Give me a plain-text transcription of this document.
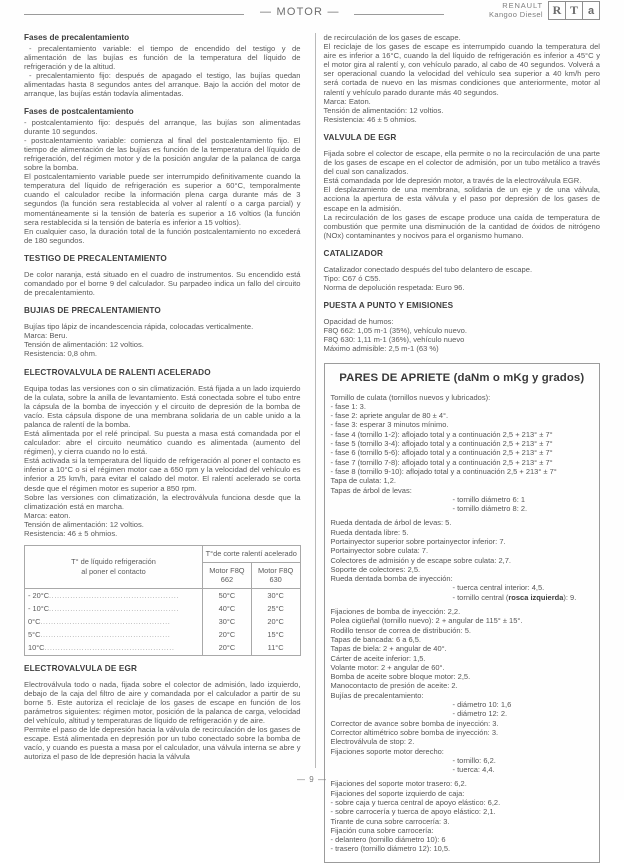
— MOTOR —
RENAULT
Kangoo Diesel R T a
Fases de precalentamiento

- precalentamiento variable: el tiempo de encendido del testigo y de alimentación de las bujías es función de la temperatura del líquido de refrigeración y de la altitud.

- precalentamiento fijo: después de apagado el testigo, las bujías quedan alimentadas hasta 8 segundos antes del arranque. Bajo la acción del motor de arranque, las bujías están todavía alimentadas.

Fases de postcalentamiento

- postcalentamiento fijo: después del arranque, las bujías son alimentadas durante 10 segundos.

- postcalentamiento variable: comienza al final del postcalentamiento fijo. El tiempo de alimentación de las bujías es función de la temperatura del líquido de refrigeración, del régimen motor y de la posición angular de la palanca de carga sobre la bomba.

El postcalentamiento variable puede ser interrumpido definitivamente cuando la temperatura del líquido de refrigeración es superior a 60°C, temporalmente cuando el calculador recibe la información plena carga durante más de 3 segundos (la función sera restablecida al volver al ralentí o a carga parcial) y momentáneamente si la tensión de batería es superior a 16 voltios (la función sera restablecida si la tensión de batería es inferior a 15 voltios).

En cualquier caso, la duración total de la función postcalentamiento no excederá de 180 segundos.

TESTIGO DE PRECALENTAMIENTO

De color naranja, está situado en el cuadro de instrumentos. Su encendido está comandado por el borne 9 del calculador. Su parpadeo indica un fallo del circuito de precalentamiento.

BUJIAS DE PRECALENTAMIENTO

Bujías tipo lápiz de incandescencia rápida, colocadas verticalmente.

Marca: Beru.

Tensión de alimentación: 12 voltios.

Resistencia: 0,8 ohm.

ELECTROVALVULA DE RALENTI ACELERADO

Equipa todas las versiones con o sin climatización. Está fijada a un lado izquierdo de la culata, sobre la anilla de levantamiento. Está conectada sobre el tubo entre la cápsula de la bomba de inyección y el circuito de depresión de la bomba de vacío. Esta cápsula dispone de una membrana solidaria de un cable unido a la palanca de ralentí de la bomba.

Está alimentada por el relé principal. Su puesta a masa está comandada por el calculador: abre el circuito neumático cuando es alimentada (aumento del régimen), y cierra cuando no lo está.

Está activada si la temperatura del líquido de refrigeración al poner el contacto es inferior a 10°C o si el régimen motor cae a 650 rpm y la velocidad del vehículo es inferior a 25 km/h, para evitar el calado del motor. El ralentí acelerado se corta desde que el régimen motor es superior a 850 rpm.

Sobre las versiones con climatización, la electroválvula funciona desde que la climatización está en marcha.

Marca: eaton.

Tensión de alimentación: 12 voltios.

Resistencia: 46 ± 5 ohmios.

T° de líquido refrigeración
al poner el contacto	T°de corte ralentí acelerado	
	Motor F8Q 662	Motor F8Q 630
- 20°C.................................................	50°C	30°C
- 10°C.................................................	40°C	25°C
0°C.................................................	30°C	20°C
5°C.................................................	20°C	15°C
10°C.................................................	20°C	11°C
ELECTROVALVULA DE EGR

Electroválvula todo o nada, fijada sobre el colector de admisión, lado izquierdo, debajo de la caja del filtro de aire y comandada por el calculador a partir de su borne 5. Este autoriza el reciclaje de los gases de escape en función de los parámetros siguientes: régimen motor, posición de la palanca de carga, velocidad del vehículo, altitud y temperaturas de líquido de refrigeración y de aire.

Permite el paso de lde depresión hacia la válvula de recirculación de los gases de escape. Está alimentada en depresión por un tubo conectado sobre la bomba de vacío, y cuando es puesta a masa por el calculador, una válvula interna se abre y autoriza el paso de lde depresión hacia la válvula

de recirculación de los gases de escape.

El reciclaje de los gases de escape es interrumpido cuando la temperatura del aire es inferior a 16°C, cuando la del líquido de refrigeración es inferior a 45°C y el motor gira al ralentí y, con vehículo parado, al cabo de 40 segundos. Volverá a ser operacional cuando la velocidad del vehículo sea superior a 40 km/h pero será cortada de nuevo en las mismas condiciones que anteriormente, motor al ralentí y vehículo parado durante más 40 segundos.

Marca: Eaton.

Tensión de alimentación: 12 voltios.

Resistencia: 46 ± 5 ohmios.

VALVULA DE EGR

Fijada sobre el colector de escape, ella permite o no la recirculación de una parte de los gases de escape en el colector de admisión, por un tubo metálico a través del cual son canalizados.

Está comandada por lde depresión motor, a través de la electroválvula EGR.

El desplazamiento de una membrana, solidaria de un eje y de una válvula, acciona la apertura de esta válvula y el paso por depresión de los gases de escape en la admisión.

La recirculación de los gases de escape produce una caída de temperatura de combustión que permite una disminución de la cantidad de óxidos de nitrógeno (NOx) contaminantes y nocivos para el organismo humano.

CATALIZADOR

Catalizador conectado después del tubo delantero de escape.

Tipo: C67 ó C55.

Norma de depolución respetada: Euro 96.

PUESTA A PUNTO Y EMISIONES

Opacidad de humos:

F8Q 662: 1,05 m-1 (35%), vehículo nuevo.

F8Q 630: 1,11 m-1 (36%), vehículo nuevo

Máximo admisible: 2,5 m-1 (63 %)

PARES DE APRIETE (daNm o mKg y grados)
Tornillo de culata (tornillos nuevos y lubricados):
- fase 1: 3.
- fase 2: apriete angular de 80 ± 4°.
- fase 3: esperar 3 minutos mínimo.
- fase 4 (tornillo 1-2): aflojado total y a continuación 2,5 + 213° ± 7°
- fase 5 (tornillo 3-4): aflojado total y a continuación 2,5 + 213° ± 7°
- fase 6 (tornillo 5-6): aflojado total y a continuación 2,5 + 213° ± 7°
- fase 7 (tornillo 7-8): aflojado total y a continuación 2,5 + 213° ± 7°
- fase 8 (tornillo 9-10): aflojado total y a continuación 2,5 + 213° ± 7°
Tapa de culata: 1,2.
Tapas de árbol de levas:
- tornillo diámetro 6: 1
- tornillo diámetro 8: 2.
Rueda dentada de árbol de levas: 5.
Rueda dentada libre: 5.
Portainyector superior sobre portainyector inferior: 7.
Portainyector sobre culata: 7.
Colectores de admisión y de escape sobre culata: 2,7.
Soporte de colectores: 2,5.
Rueda dentada bomba de inyección:
- tuerca central interior: 4,5.
- tornillo central (rosca izquierda): 9.
Fijaciones de bomba de inyección: 2,2.
Polea cigüeñal (tornillo nuevo): 2 + angular de 115° ± 15°.
Rodillo tensor de correa de distribución: 5.
Tapas de bancada: 6 a 6,5.
Tapas de biela: 2 + angular de 40°.
Cárter de aceite inferior: 1,5.
Volante motor: 2 + angular de 60°.
Bomba de aceite sobre bloque motor: 2,5.
Manocontacto de presión de aceite: 2.
Bujías de precalentamiento:
- diámetro 10: 1,6
- diámetro 12: 2.
Corrector de avance sobre bomba de inyección: 3.
Corrector altimétrico sobre bomba de inyección: 3.
Electroválvula de stop: 2.
Fijaciones soporte motor derecho:
- tornillo: 6,2.
- tuerca: 4,4.
Fijaciones del soporte motor trasero: 6,2.
Fijaciones del soporte izquierdo de caja:
- sobre caja y tuerca central de apoyo elástico: 6,2.
- sobre carrocería y tuerca de apoyo elástico: 2,1.
Tirante de cuna sobre carrocería: 3.
Fijación cuna sobre carrocería:
- delantero (tornillo diámetro 10): 6
- trasero (tornillo diámetro 12): 10,5.
— 9 —
